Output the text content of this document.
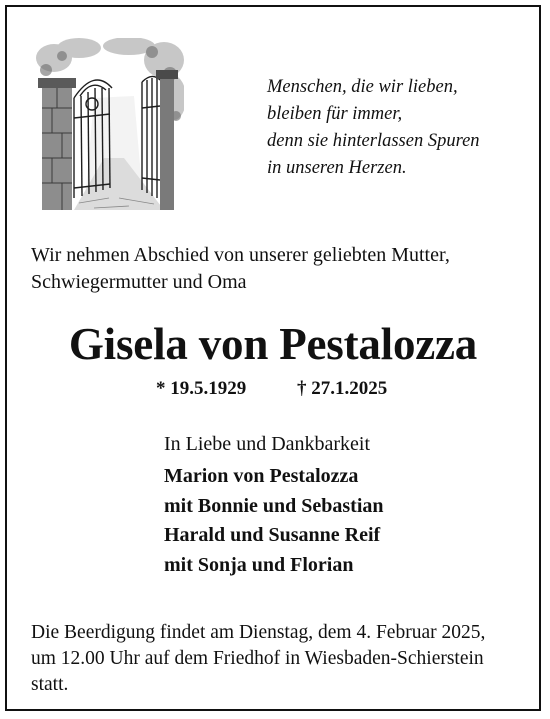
Menschen, die wir lieben,
bleiben für immer,
denn sie hinterlassen Spuren
in unseren Herzen.
Wir nehmen Abschied von unserer geliebten Mutter,
Schwiegermutter und Oma
Gisela von Pestalozza
* 19.5.1929	† 27.1.2025
In Liebe und Dankbarkeit
Marion von Pestalozza
mit Bonnie und Sebastian
Harald und Susanne Reif
mit Sonja und Florian
Die Beerdigung findet am Dienstag, dem 4. Februar 2025,
um 12.00 Uhr auf dem Friedhof in Wiesbaden-Schierstein
statt.
